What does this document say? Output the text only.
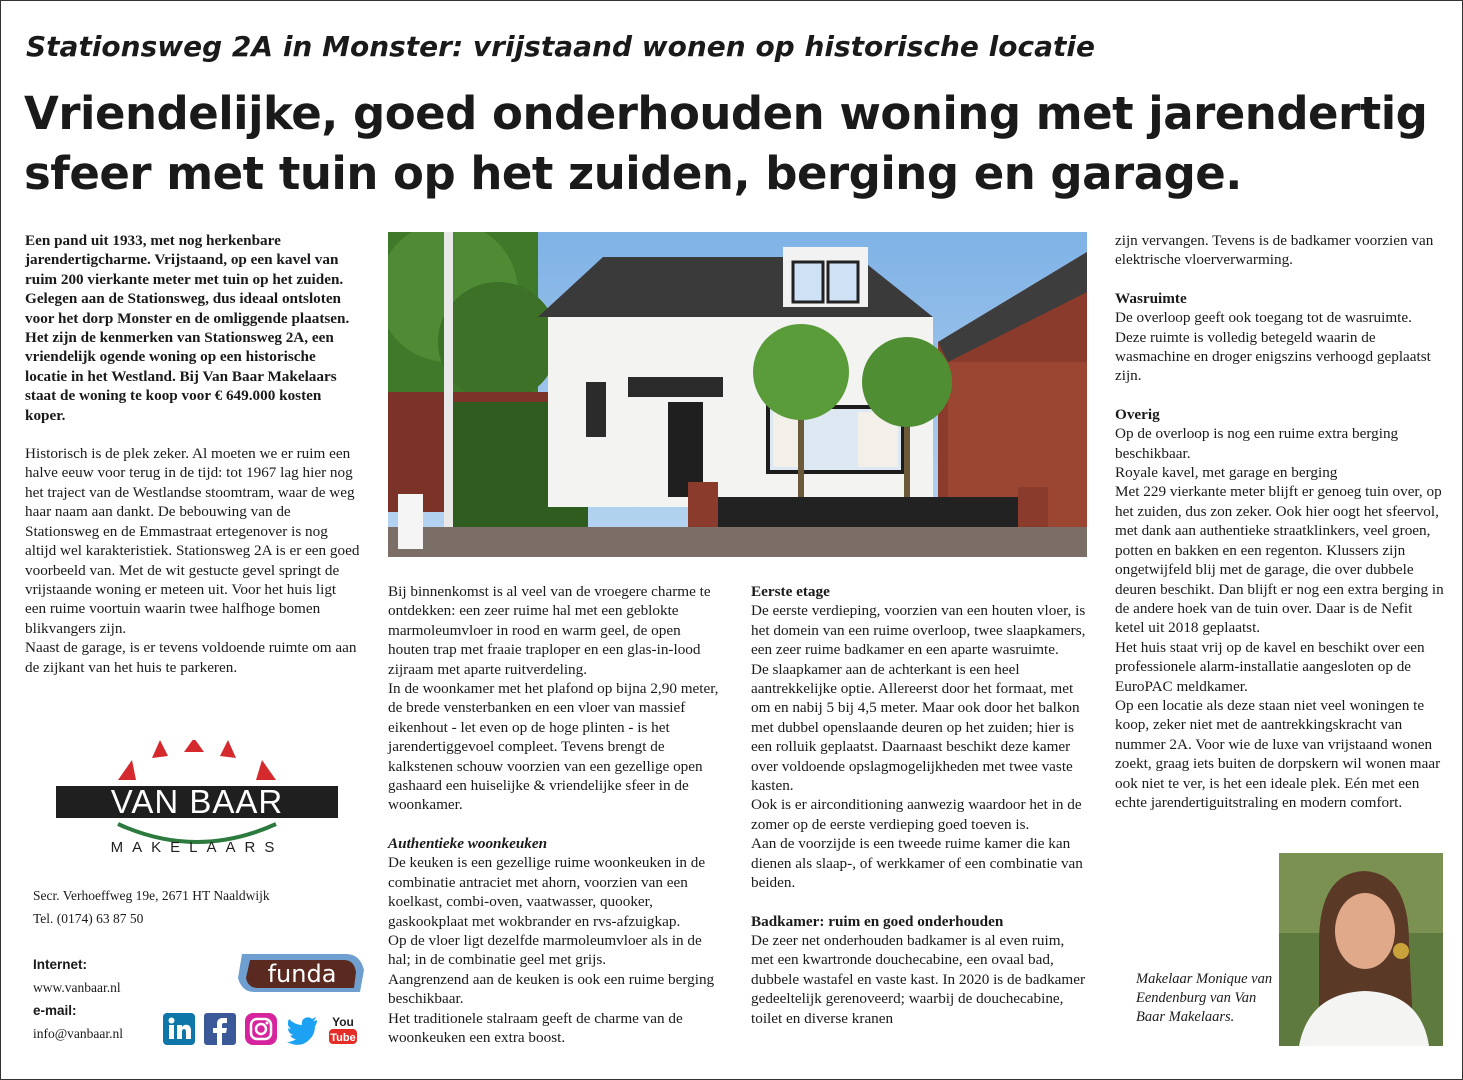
Stationsweg 2A in Monster: vrijstaand wonen op historische locatie
Vriendelijke, goed onderhouden woning met jarendertig sfeer met tuin op het zuiden, berging en garage.

Een pand uit 1933, met nog herkenbare jarendertigcharme. Vrijstaand, op een kavel van ruim 200 vierkante meter met tuin op het zuiden. Gelegen aan de Stationsweg, dus ideaal ontsloten voor het dorp Monster en de omliggende plaatsen. Het zijn de kenmerken van Stationsweg 2A, een vriendelijk ogende woning op een historische locatie in het Westland. Bij Van Baar Makelaars staat de woning te koop voor € 649.000 kosten koper.

Historisch is de plek zeker. Al moeten we er ruim een halve eeuw voor terug in de tijd: tot 1967 lag hier nog het traject van de Westlandse stoomtram, waar de weg haar naam aan dankt. De bebouwing van de Stationsweg en de Emmastraat ertegenover is nog altijd wel karakteristiek. Stationsweg 2A is er een goed voorbeeld van. Met de wit gestucte gevel springt de vrijstaande woning er meteen uit. Voor het huis ligt een ruime voortuin waarin twee halfhoge bomen blikvangers zijn.

Naast de garage, is er tevens voldoende ruimte om aan de zijkant van het huis te parkeren.

Bij binnenkomst is al veel van de vroegere charme te ontdekken: een zeer ruime hal met een geblokte marmoleumvloer in rood en warm geel, de open houten trap met fraaie traploper en een glas-in-lood zijraam met aparte ruitverdeling.

In de woonkamer met het plafond op bijna 2,90 meter, de brede vensterbanken en een vloer van massief eikenhout - let even op de hoge plinten - is het jarendertiggevoel compleet. Tevens brengt de kalkstenen schouw voorzien van een gezellige open gashaard een huiselijke & vriendelijke sfeer in de woonkamer.

Authentieke woonkeuken

De keuken is een gezellige ruime woonkeuken in de combinatie antraciet met ahorn, voorzien van een koelkast, combi-oven, vaatwasser, quooker, gaskookplaat met wokbrander en rvs-afzuigkap.

Op de vloer ligt dezelfde marmoleumvloer als in de hal; in de combinatie geel met grijs.

Aangrenzend aan de keuken is ook een ruime berging beschikbaar.

Het traditionele stalraam geeft de charme van de woonkeuken een extra boost.

Eerste etage

De eerste verdieping, voorzien van een houten vloer, is het domein van een ruime overloop, twee slaapkamers, een zeer ruime badkamer en een aparte wasruimte.

De slaapkamer aan de achterkant is een heel aantrekkelijke optie. Allereerst door het formaat, met om en nabij 5 bij 4,5 meter. Maar ook door het balkon met dubbel openslaande deuren op het zuiden; hier is een rolluik geplaatst. Daarnaast beschikt deze kamer over voldoende opslagmogelijkheden met twee vaste kasten.

Ook is er airconditioning aanwezig waardoor het in de zomer op de eerste verdieping goed toeven is.

Aan de voorzijde is een tweede ruime kamer die kan dienen als slaap-, of werkkamer of een combinatie van beiden.

Badkamer: ruim en goed onderhouden

De zeer net onderhouden badkamer is al even ruim, met een kwartronde douchecabine, een ovaal bad, dubbele wastafel en vaste kast. In 2020 is de badkamer gedeeltelijk gerenoveerd; waarbij de douchecabine, toilet en diverse kranen

zijn vervangen. Tevens is de badkamer voorzien van elektrische vloerverwarming.

Wasruimte

De overloop geeft ook toegang tot de wasruimte. Deze ruimte is volledig betegeld waarin de wasmachine en droger enigszins verhoogd geplaatst zijn.

Overig

Op de overloop is nog een ruime extra berging beschikbaar.

Royale kavel, met garage en berging

Met 229 vierkante meter blijft er genoeg tuin over, op het zuiden, dus zon zeker. Ook hier oogt het sfeervol, met dank aan authentieke straatklinkers, veel groen, potten en bakken en een regenton. Klussers zijn ongetwijfeld blij met de garage, die over dubbele deuren beschikt. Dan blijft er nog een extra berging in de andere hoek van de tuin over. Daar is de Nefit ketel uit 2018 geplaatst.

Het huis staat vrij op de kavel en beschikt over een professionele alarm-installatie aangesloten op de EuroPAC meldkamer.

Op een locatie als deze staan niet veel woningen te koop, zeker niet met de aantrekkingskracht van nummer 2A. Voor wie de luxe van vrijstaand wonen zoekt, graag iets buiten de dorpskern wil wonen maar ook niet te ver, is het een ideale plek. Eén met een echte jarendertiguitstraling en modern comfort.

VAN BAAR
MAKELAARS
Secr. Verhoeffweg 19e, 2671 HT Naaldwijk
Tel. (0174) 63 87 50
Internet:
www.vanbaar.nl
e-mail:
info@vanbaar.nl
funda
You
Tube
Makelaar Monique van Eendenburg van Van Baar Makelaars.
